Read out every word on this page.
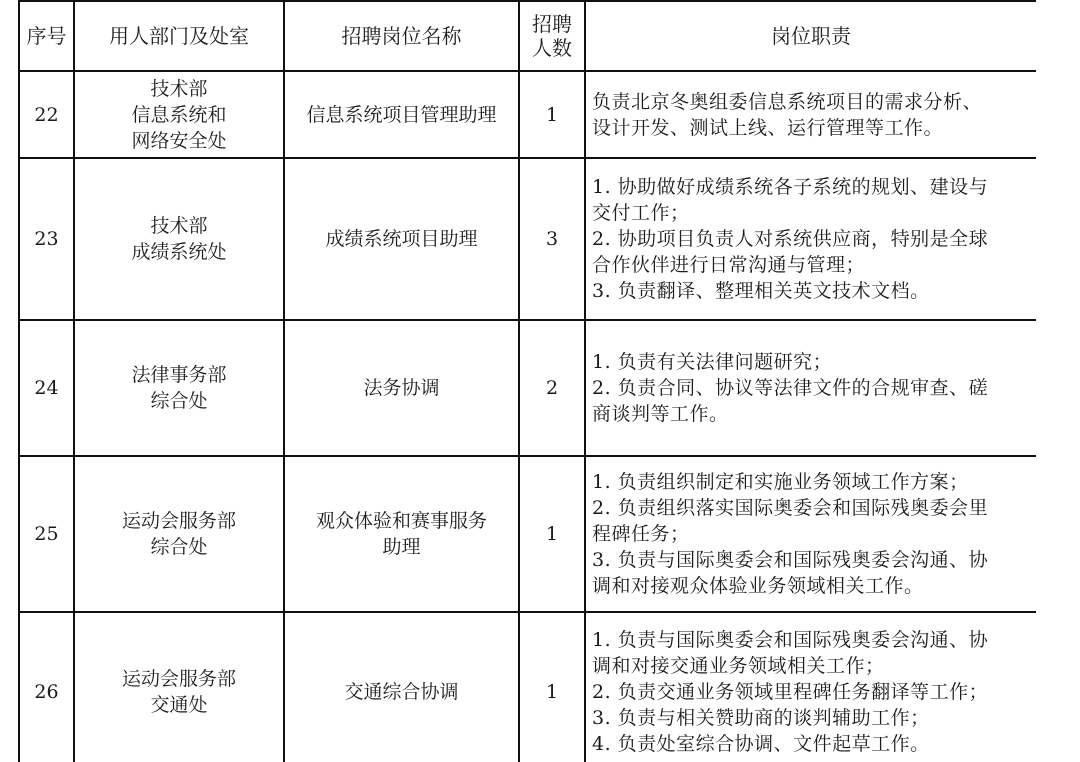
序号	用人部门及处室	招聘岗位名称	招聘
人数	岗位职责
22	技术部
信息系统和
网络安全处	信息系统项目管理助理	1	负责北京冬奥组委信息系统项目的需求分析、
设计开发、测试上线、运行管理等工作。
23	技术部
成绩系统处	成绩系统项目助理	3	1. 协助做好成绩系统各子系统的规划、建设与
交付工作；
2. 协助项目负责人对系统供应商，特别是全球
合作伙伴进行日常沟通与管理；
3. 负责翻译、整理相关英文技术文档。
24	法律事务部
综合处	法务协调	2	1. 负责有关法律问题研究；
2. 负责合同、协议等法律文件的合规审查、磋
商谈判等工作。
25	运动会服务部
综合处	观众体验和赛事服务
助理	1	1. 负责组织制定和实施业务领域工作方案；
2. 负责组织落实国际奥委会和国际残奥委会里
程碑任务；
3. 负责与国际奥委会和国际残奥委会沟通、协
调和对接观众体验业务领域相关工作。
26	运动会服务部
交通处	交通综合协调	1	1. 负责与国际奥委会和国际残奥委会沟通、协
调和对接交通业务领域相关工作；
2. 负责交通业务领域里程碑任务翻译等工作；
3. 负责与相关赞助商的谈判辅助工作；
4. 负责处室综合协调、文件起草工作。
